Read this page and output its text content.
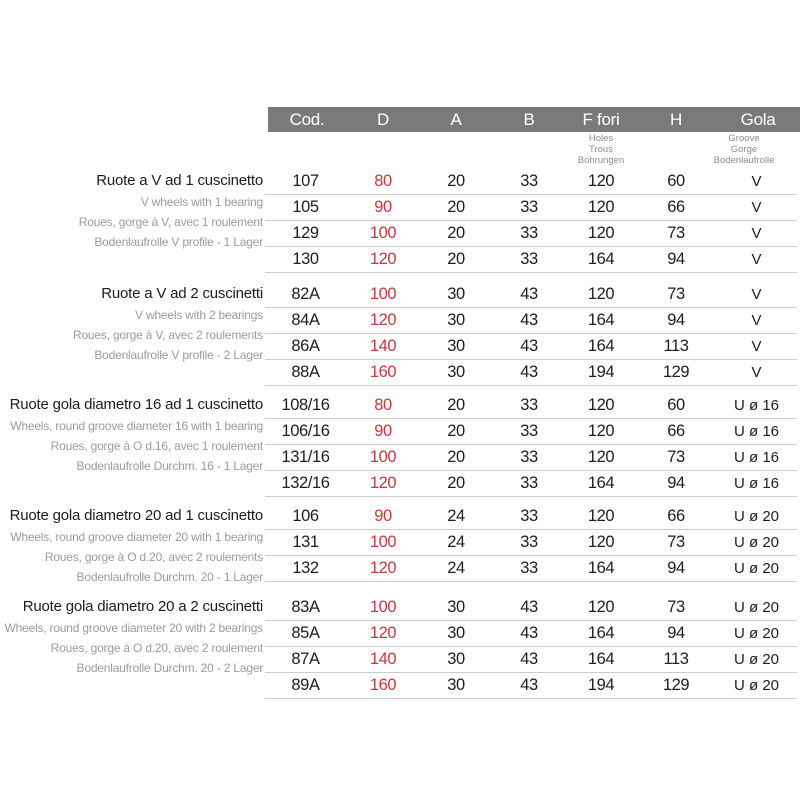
Cod.	D	A	B	F fori	H	Gola
Holes
Trous
Bohrungen
Groove
Gorge
Bodenlaufrolle
Ruote a V ad 1 cuscinetto
V wheels with 1 bearing
Roues, gorge à V, avec 1 roulement
Bodenlaufrolle V profile - 1 Lager
107	80	20	33	120	60	V
105	90	20	33	120	66	V
129	100	20	33	120	73	V
130	120	20	33	164	94	V
Ruote a V ad 2 cuscinetti
V wheels with 2 bearings
Roues, gorge à V, avec 2 roulements
Bodenlaufrolle V profile - 2 Lager
82A	100	30	43	120	73	V
84A	120	30	43	164	94	V
86A	140	30	43	164	113	V
88A	160	30	43	194	129	V
Ruote gola diametro 16 ad 1 cuscinetto
Wheels, round groove diameter 16 with 1 bearing
Roues, gorge à O d.16, avec 1 roulement
Bodenlaufrolle Durchm. 16 - 1 Lager
108/16	80	20	33	120	60	U ø 16
106/16	90	20	33	120	66	U ø 16
131/16	100	20	33	120	73	U ø 16
132/16	120	20	33	164	94	U ø 16
Ruote gola diametro 20 ad 1 cuscinetto
Wheels, round groove diameter 20 with 1 bearing
Roues, gorge à O d.20, avec 2 roulements
Bodenlaufrolle Durchm. 20 - 1 Lager
106	90	24	33	120	66	U ø 20
131	100	24	33	120	73	U ø 20
132	120	24	33	164	94	U ø 20
Ruote gola diametro 20 a 2 cuscinetti
Wheels, round groove diameter 20 with 2 bearings
Roues, gorge à O d.20, avec 2 roulement
Bodenlaufrolle Durchm. 20 - 2 Lager
83A	100	30	43	120	73	U ø 20
85A	120	30	43	164	94	U ø 20
87A	140	30	43	164	113	U ø 20
89A	160	30	43	194	129	U ø 20
